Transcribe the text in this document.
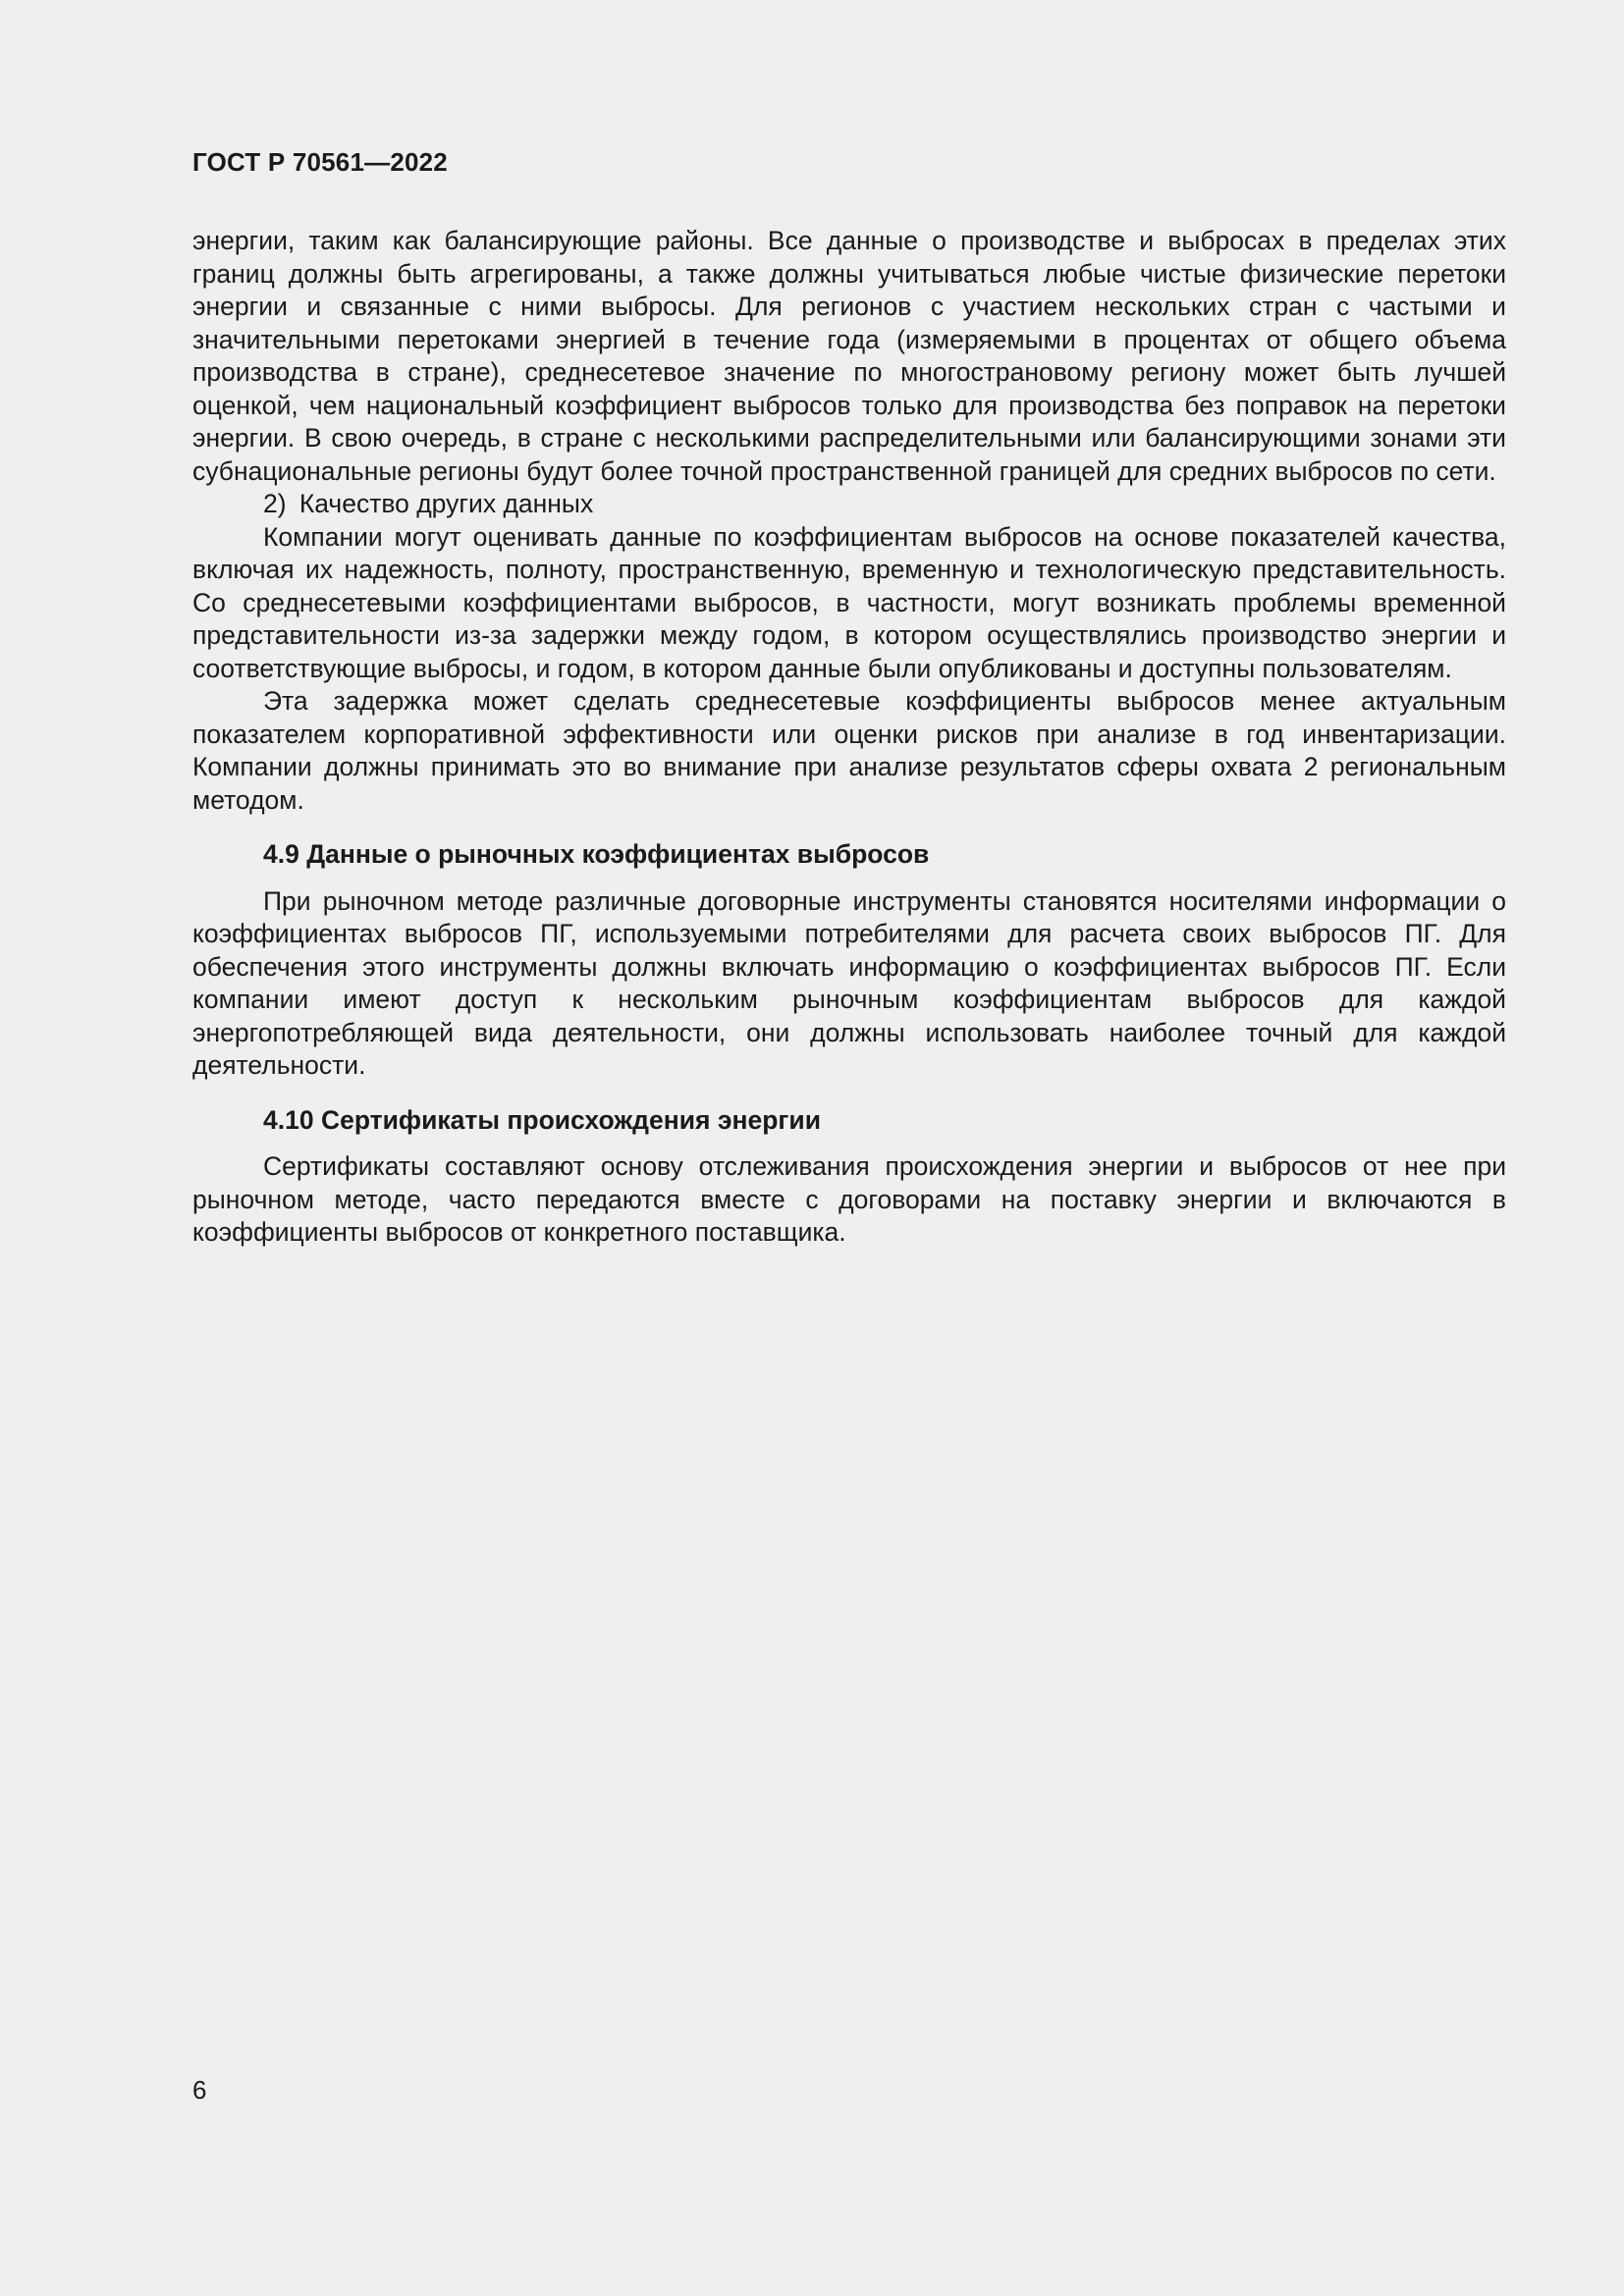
ГОСТ Р 70561—2022

энергии, таким как балансирующие районы. Все данные о производстве и выбросах в пределах этих границ должны быть агрегированы, а также должны учитываться любые чистые физические перетоки энергии и связанные с ними выбросы. Для регионов с участием нескольких стран с частыми и значительными перетоками энергией в течение года (измеряемыми в процентах от общего объема производства в стране), среднесетевое значение по многострановому региону может быть лучшей оценкой, чем национальный коэффициент выбросов только для производства без поправок на перетоки энергии. В свою очередь, в стране с несколькими распределительными или балансирующими зонами эти субнациональные регионы будут более точной пространственной границей для средних выбросов по сети.

2) Качество других данных

Компании могут оценивать данные по коэффициентам выбросов на основе показателей качества, включая их надежность, полноту, пространственную, временную и технологическую представительность. Со среднесетевыми коэффициентами выбросов, в частности, могут возникать проблемы временной представительности из-за задержки между годом, в котором осуществлялись производство энергии и соответствующие выбросы, и годом, в котором данные были опубликованы и доступны пользователям.

Эта задержка может сделать среднесетевые коэффициенты выбросов менее актуальным показателем корпоративной эффективности или оценки рисков при анализе в год инвентаризации. Компании должны принимать это во внимание при анализе результатов сферы охвата 2 региональным методом.

4.9 Данные о рыночных коэффициентах выбросов

При рыночном методе различные договорные инструменты становятся носителями информации о коэффициентах выбросов ПГ, используемыми потребителями для расчета своих выбросов ПГ. Для обеспечения этого инструменты должны включать информацию о коэффициентах выбросов ПГ. Если компании имеют доступ к нескольким рыночным коэффициентам выбросов для каждой энергопотребляющей вида деятельности, они должны использовать наиболее точный для каждой деятельности.

4.10 Сертификаты происхождения энергии

Сертификаты составляют основу отслеживания происхождения энергии и выбросов от нее при рыночном методе, часто передаются вместе с договорами на поставку энергии и включаются в коэффициенты выбросов от конкретного поставщика.

6
